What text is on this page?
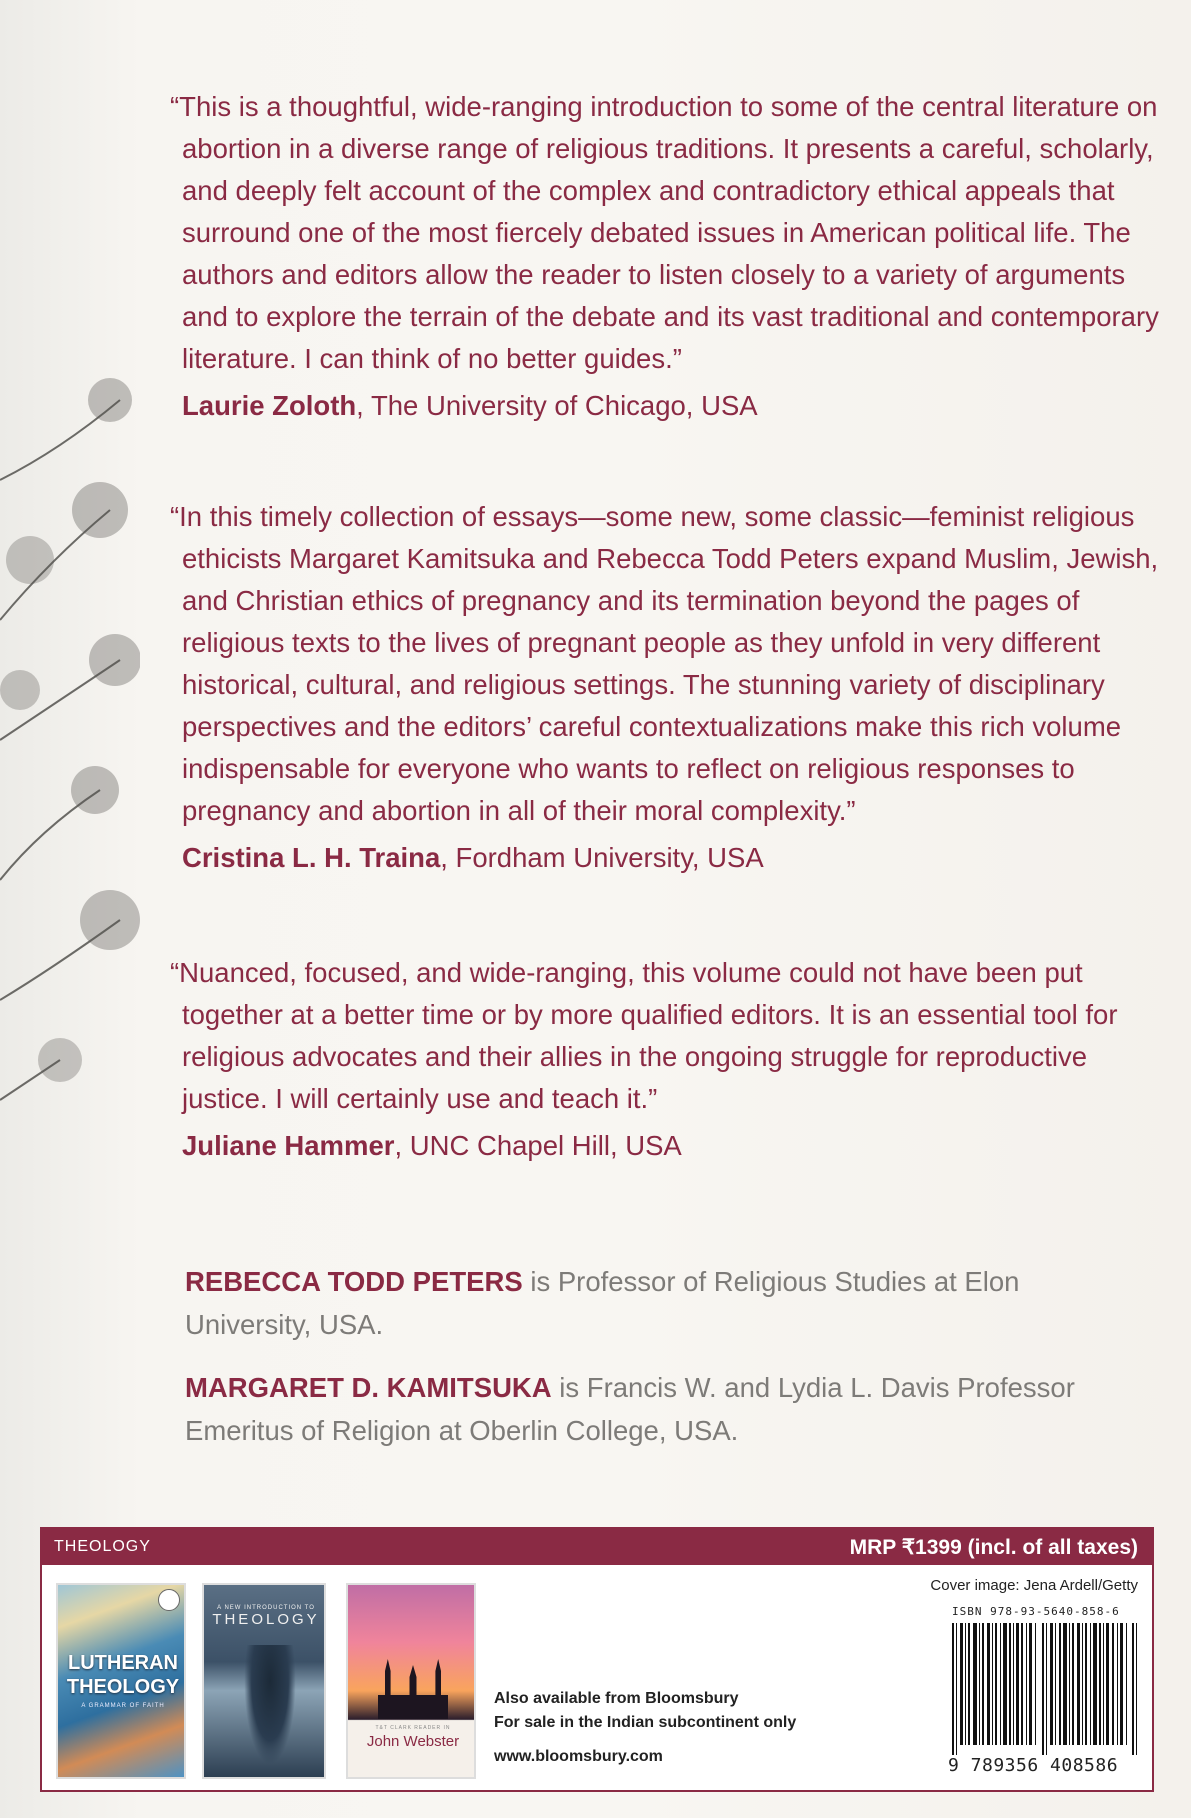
“This is a thoughtful, wide-ranging introduction to some of the central literature on abortion in a diverse range of religious traditions. It presents a careful, scholarly, and deeply felt account of the complex and contradictory ethical appeals that surround one of the most fiercely debated issues in American political life. The authors and editors allow the reader to listen closely to a variety of arguments and to explore the terrain of the debate and its vast traditional and contemporary literature. I can think of no better guides.”

Laurie Zoloth, The University of Chicago, USA

“In this timely collection of essays—some new, some classic—feminist religious ethicists Margaret Kamitsuka and Rebecca Todd Peters expand Muslim, Jewish, and Christian ethics of pregnancy and its termination beyond the pages of religious texts to the lives of pregnant people as they unfold in very different historical, cultural, and religious settings. The stunning variety of disciplinary perspectives and the editors’ careful contextualizations make this rich volume indispensable for everyone who wants to reflect on religious responses to pregnancy and abortion in all of their moral complexity.”

Cristina L. H. Traina, Fordham University, USA

“Nuanced, focused, and wide-ranging, this volume could not have been put together at a better time or by more qualified editors. It is an essential tool for religious advocates and their allies in the ongoing struggle for reproductive justice. I will certainly use and teach it.”

Juliane Hammer, UNC Chapel Hill, USA
REBECCA TODD PETERS is Professor of Religious Studies at Elon University, USA.
MARGARET D. KAMITSUKA is Francis W. and Lydia L. Davis Professor Emeritus of Religion at Oberlin College, USA.
THEOLOGY	MRP ₹1399 (incl. of all taxes)
LUTHERAN THEOLOGY
A GRAMMAR OF FAITH
A NEW INTRODUCTION TO
THEOLOGY
T&T CLARK READER IN
John Webster
Also available from Bloomsbury
For sale in the Indian subcontinent only
www.bloomsbury.com
Cover image: Jena Ardell/Getty
ISBN 978-93-5640-858-6
9 789356 408586
